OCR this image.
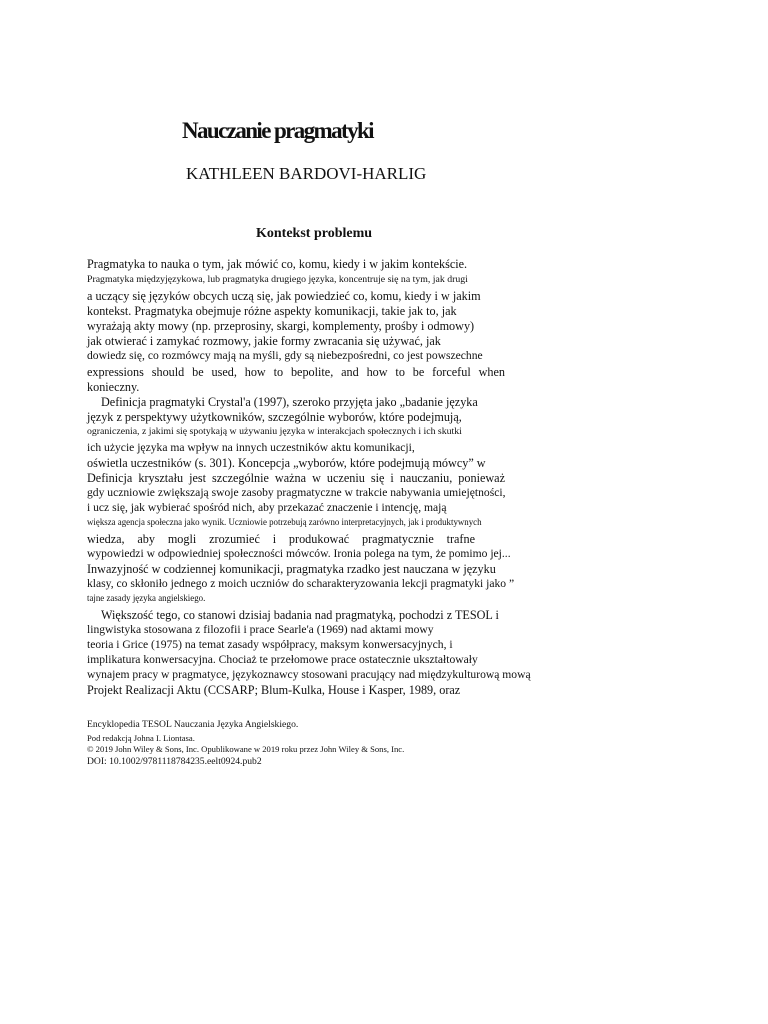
Nauczanie pragmatyki
KATHLEEN BARDOVI-HARLIG
Kontekst problemu
Pragmatyka to nauka o tym, jak mówić co, komu, kiedy i w jakim kontekście.
Pragmatyka międzyjęzykowa, lub pragmatyka drugiego języka, koncentruje się na tym, jak drugi
a uczący się języków obcych uczą się, jak powiedzieć co, komu, kiedy i w jakim
kontekst. Pragmatyka obejmuje różne aspekty komunikacji, takie jak to, jak
wyrażają akty mowy (np. przeprosiny, skargi, komplementy, prośby i odmowy)
jak otwierać i zamykać rozmowy, jakie formy zwracania się używać, jak
dowiedz się, co rozmówcy mają na myśli, gdy są niebezpośredni, co jest powszechne
expressions should be used, how to bepolite, and how to be forceful when
konieczny.
Definicja pragmatyki Crystal'a (1997), szeroko przyjęta jako „badanie języka
język z perspektywy użytkowników, szczególnie wyborów, które podejmują,
ograniczenia, z jakimi się spotykają w używaniu języka w interakcjach społecznych i ich skutki
ich użycie języka ma wpływ na innych uczestników aktu komunikacji,
oświetla uczestników (s. 301). Koncepcja „wyborów, które podejmują mówcy” w
Definicja kryształu jest szczególnie ważna w uczeniu się i nauczaniu, ponieważ
gdy uczniowie zwiększają swoje zasoby pragmatyczne w trakcie nabywania umiejętności,
i ucz się, jak wybierać spośród nich, aby przekazać znaczenie i intencję, mają
większa agencja społeczna jako wynik. Uczniowie potrzebują zarówno interpretacyjnych, jak i produktywnych
wiedza, aby mogli zrozumieć i produkować pragmatycznie trafne
wypowiedzi w odpowiedniej społeczności mówców. Ironia polega na tym, że pomimo jej...
Inwazyjność w codziennej komunikacji, pragmatyka rzadko jest nauczana w języku
klasy, co skłoniło jednego z moich uczniów do scharakteryzowania lekcji pragmatyki jako ”
tajne zasady języka angielskiego.
Większość tego, co stanowi dzisiaj badania nad pragmatyką, pochodzi z TESOL i
lingwistyka stosowana z filozofii i prace Searle'a (1969) nad aktami mowy
teoria i Grice (1975) na temat zasady współpracy, maksym konwersacyjnych, i
implikatura konwersacyjna. Chociaż te przełomowe prace ostatecznie ukształtowały
wynajem pracy w pragmatyce, językoznawcy stosowani pracujący nad międzykulturową mową
Projekt Realizacji Aktu (CCSARP; Blum-Kulka, House i Kasper, 1989, oraz
Encyklopedia TESOL Nauczania Języka Angielskiego.
Pod redakcją Johna I. Liontasa.
© 2019 John Wiley & Sons, Inc. Opublikowane w 2019 roku przez John Wiley & Sons, Inc.
DOI: 10.1002/9781118784235.eelt0924.pub2
